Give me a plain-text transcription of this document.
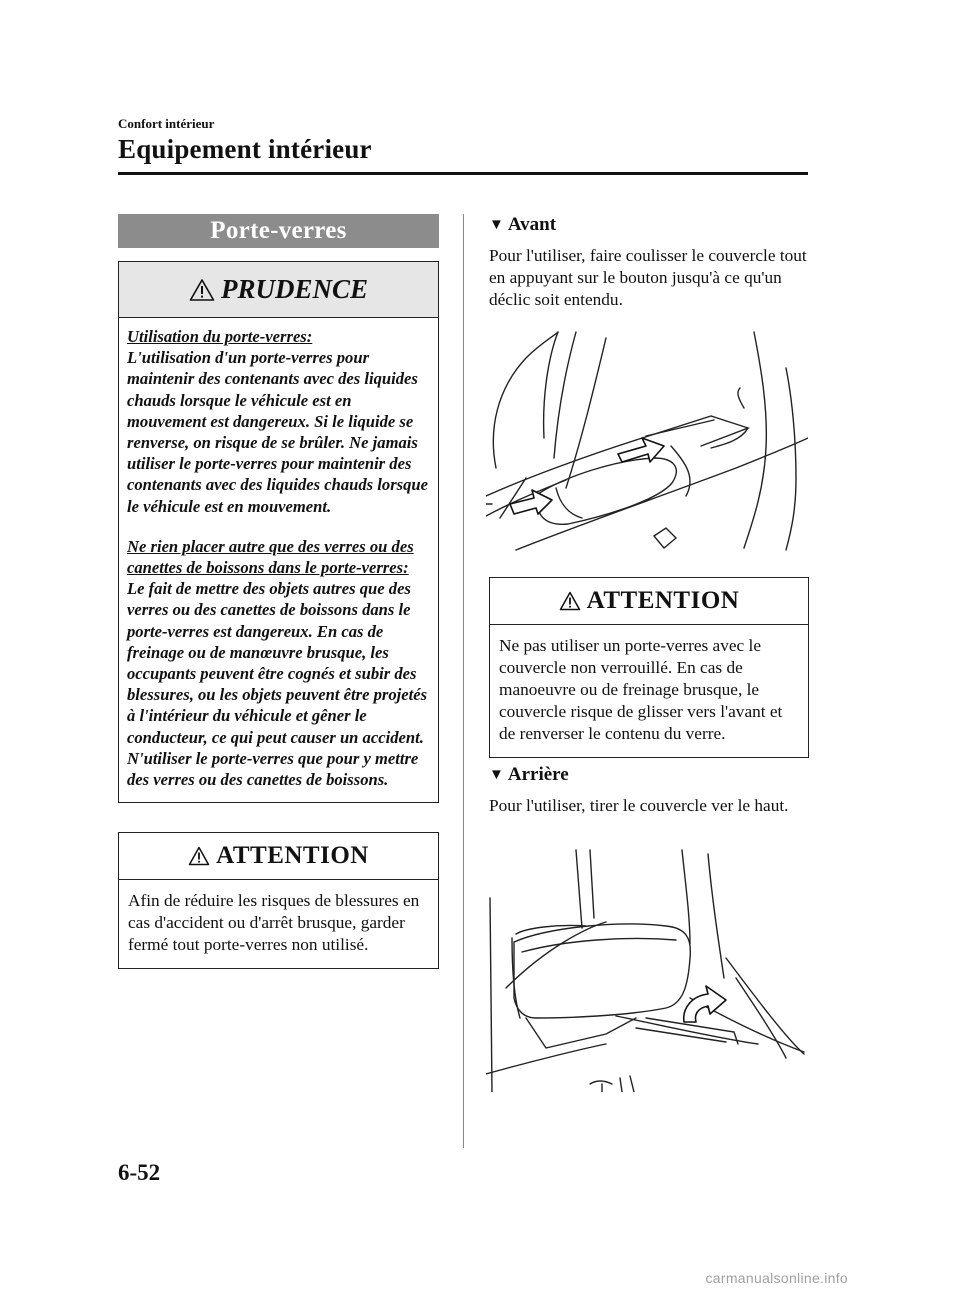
Confort intérieur
Equipement intérieur
Porte-verres
PRUDENCE
Utilisation du porte-verres:
L'utilisation d'un porte-verres pour maintenir des contenants avec des liquides chauds lorsque le véhicule est en mouvement est dangereux. Si le liquide se renverse, on risque de se brûler. Ne jamais utiliser le porte-verres pour maintenir des contenants avec des liquides chauds lorsque le véhicule est en mouvement.
Ne rien placer autre que des verres ou des canettes de boissons dans le porte-verres:
Le fait de mettre des objets autres que des verres ou des canettes de boissons dans le porte-verres est dangereux. En cas de freinage ou de manœuvre brusque, les occupants peuvent être cognés et subir des blessures, ou les objets peuvent être projetés à l'intérieur du véhicule et gêner le conducteur, ce qui peut causer un accident. N'utiliser le porte-verres que pour y mettre des verres ou des canettes de boissons.
ATTENTION
Afin de réduire les risques de blessures en cas d'accident ou d'arrêt brusque, garder fermé tout porte-verres non utilisé.
▼ Avant
Pour l'utiliser, faire coulisser le couvercle tout en appuyant sur le bouton jusqu'à ce qu'un déclic soit entendu.
ATTENTION
Ne pas utiliser un porte-verres avec le couvercle non verrouillé. En cas de manoeuvre ou de freinage brusque, le couvercle risque de glisser vers l'avant et de renverser le contenu du verre.
▼ Arrière
Pour l'utiliser, tirer le couvercle ver le haut.
6-52
carmanualsonline.info
